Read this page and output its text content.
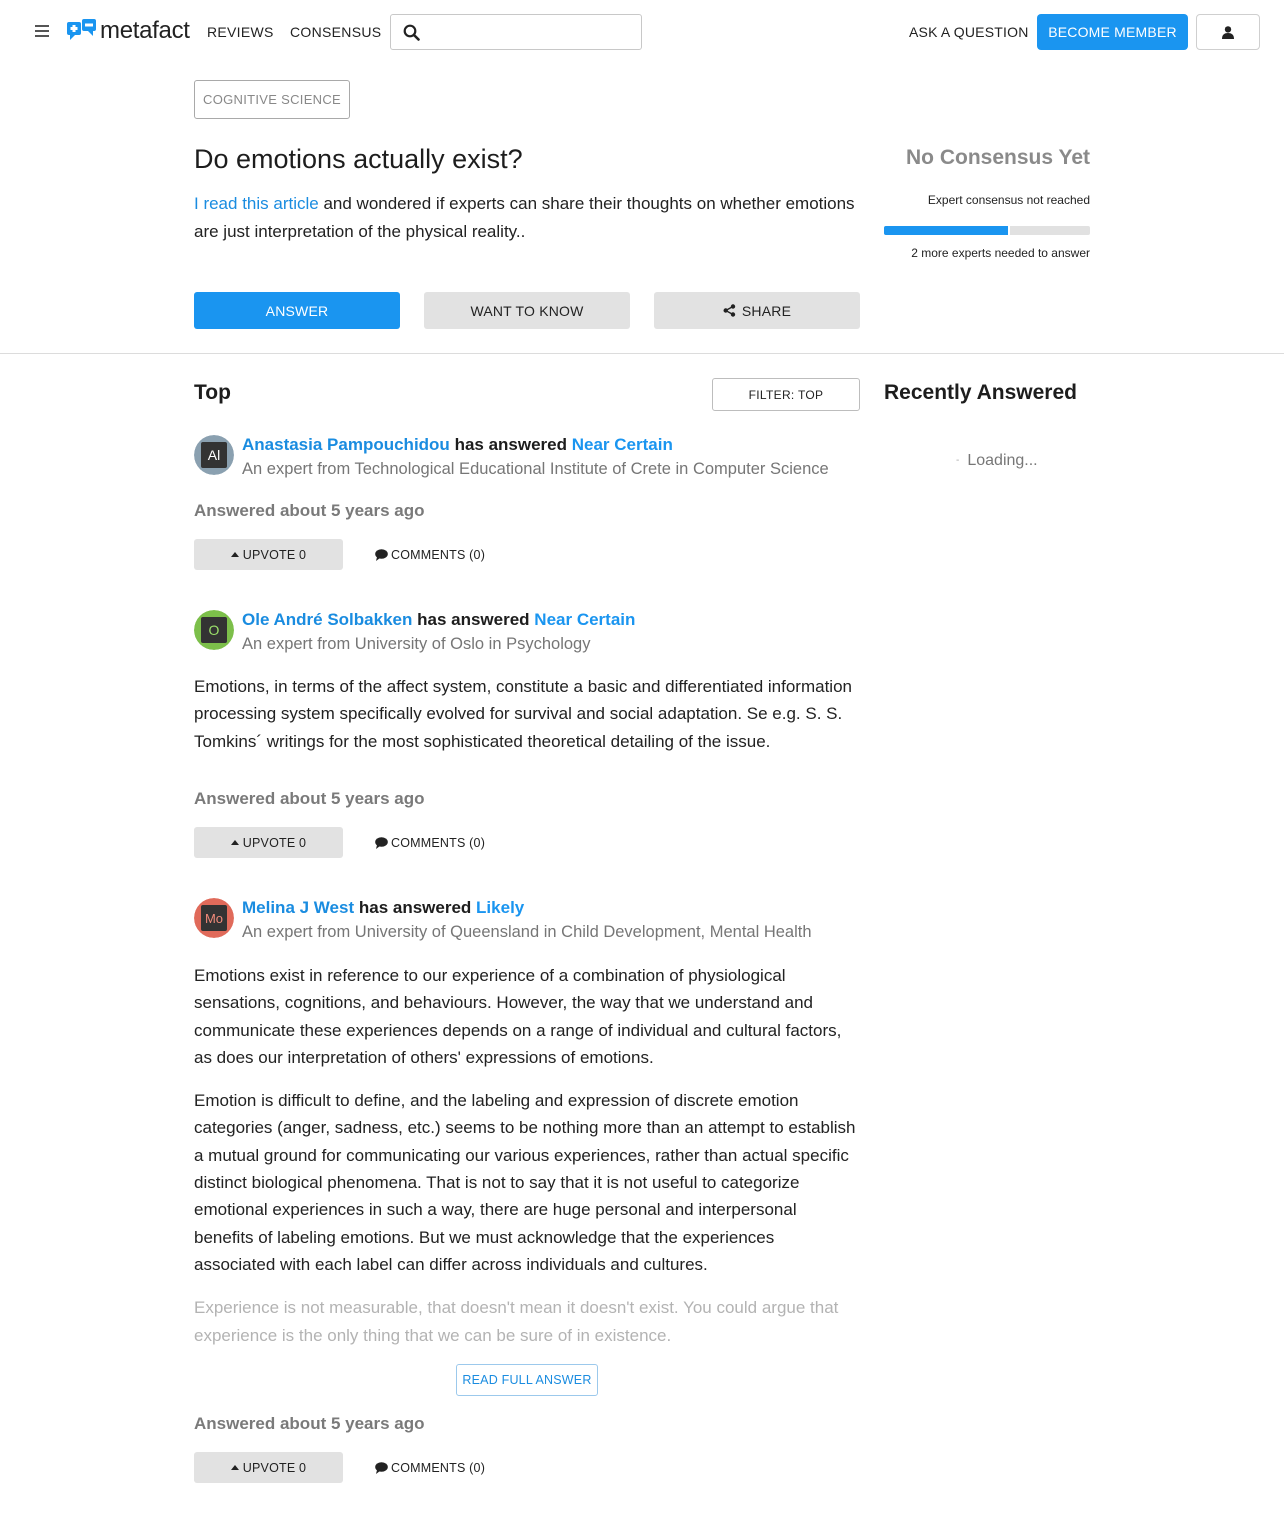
metafact REVIEWS CONSENSUS	ASK A QUESTION	BECOME MEMBER
COGNITIVE SCIENCE
Do emotions actually exist?
I read this article and wondered if experts can share their thoughts on whether emotions are just interpretation of the physical reality..
No Consensus Yet
Expert consensus not reached
2 more experts needed to answer
ANSWER	WANT TO KNOW	SHARE
Top	FILTER: TOP	Recently Answered
- Loading...
Al
Anastasia Pampouchidou has answered Near Certain
An expert from Technological Educational Institute of Crete in Computer Science
Answered about 5 years ago
UPVOTE 0	COMMENTS (0)
O
Ole André Solbakken has answered Near Certain
An expert from University of Oslo in Psychology

Emotions, in terms of the affect system, constitute a basic and differentiated information processing system specifically evolved for survival and social adaptation. Se e.g. S. S. Tomkins´ writings for the most sophisticated theoretical detailing of the issue.

Answered about 5 years ago
UPVOTE 0	COMMENTS (0)
Mo
Melina J West has answered Likely
An expert from University of Queensland in Child Development, Mental Health

Emotions exist in reference to our experience of a combination of physiological sensations, cognitions, and behaviours. However, the way that we understand and communicate these experiences depends on a range of individual and cultural factors, as does our interpretation of others' expressions of emotions.

Emotion is difficult to define, and the labeling and expression of discrete emotion categories (anger, sadness, etc.) seems to be nothing more than an attempt to establish a mutual ground for communicating our various experiences, rather than actual specific distinct biological phenomena. That is not to say that it is not useful to categorize emotional experiences in such a way, there are huge personal and interpersonal benefits of labeling emotions. But we must acknowledge that the experiences associated with each label can differ across individuals and cultures.

Experience is not measurable, that doesn't mean it doesn't exist. You could argue that experience is the only thing that we can be sure of in existence.

READ FULL ANSWER
Answered about 5 years ago
UPVOTE 0	COMMENTS (0)
